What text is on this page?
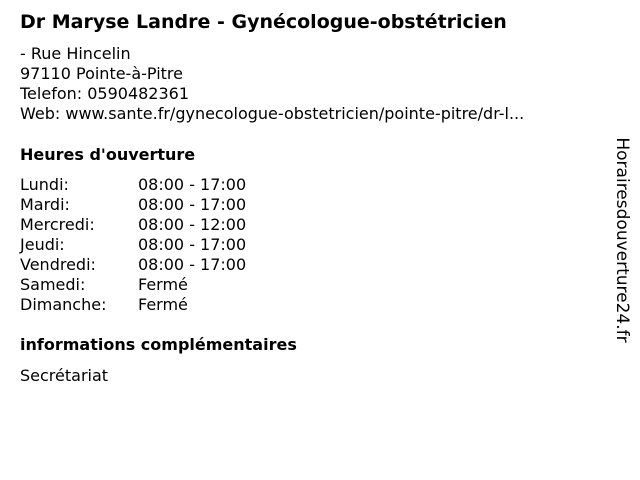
Dr Maryse Landre - Gynécologue-obstétricien
- Rue Hincelin
97110 Pointe-à-Pitre
Telefon: 0590482361
Web: www.sante.fr/gynecologue-obstetricien/pointe-pitre/dr-l...
Heures d'ouverture
Lundi:	08:00 - 17:00
Mardi:	08:00 - 17:00
Mercredi:	08:00 - 12:00
Jeudi:	08:00 - 17:00
Vendredi:	08:00 - 17:00
Samedi:	Fermé
Dimanche:	Fermé
informations complémentaires
Secrétariat
Horairesdouverture24.fr
